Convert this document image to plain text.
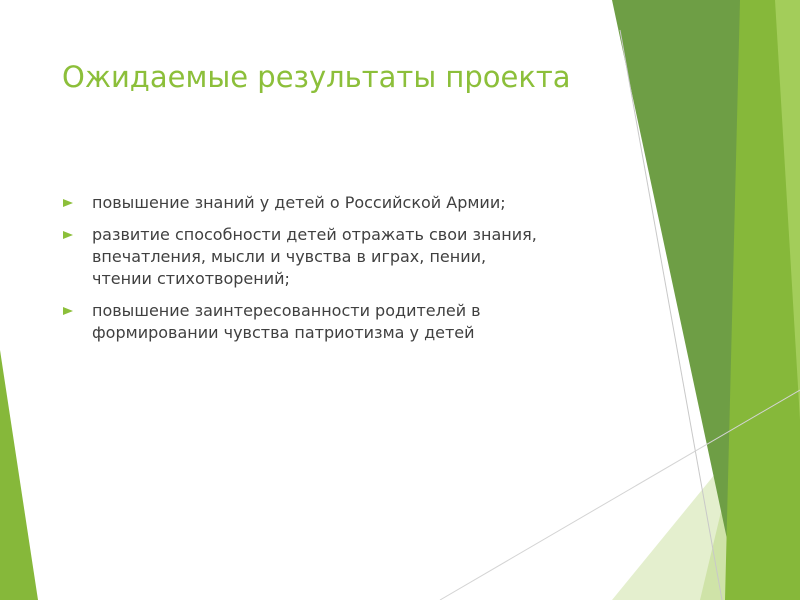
Ожидаемые результаты проекта
повышение знаний у детей о Российской Армии;
развитие способности детей отражать свои знания,
впечатления, мысли и чувства в играх, пении,
чтении стихотворений;
повышение заинтересованности родителей в
формировании чувства патриотизма у детей
